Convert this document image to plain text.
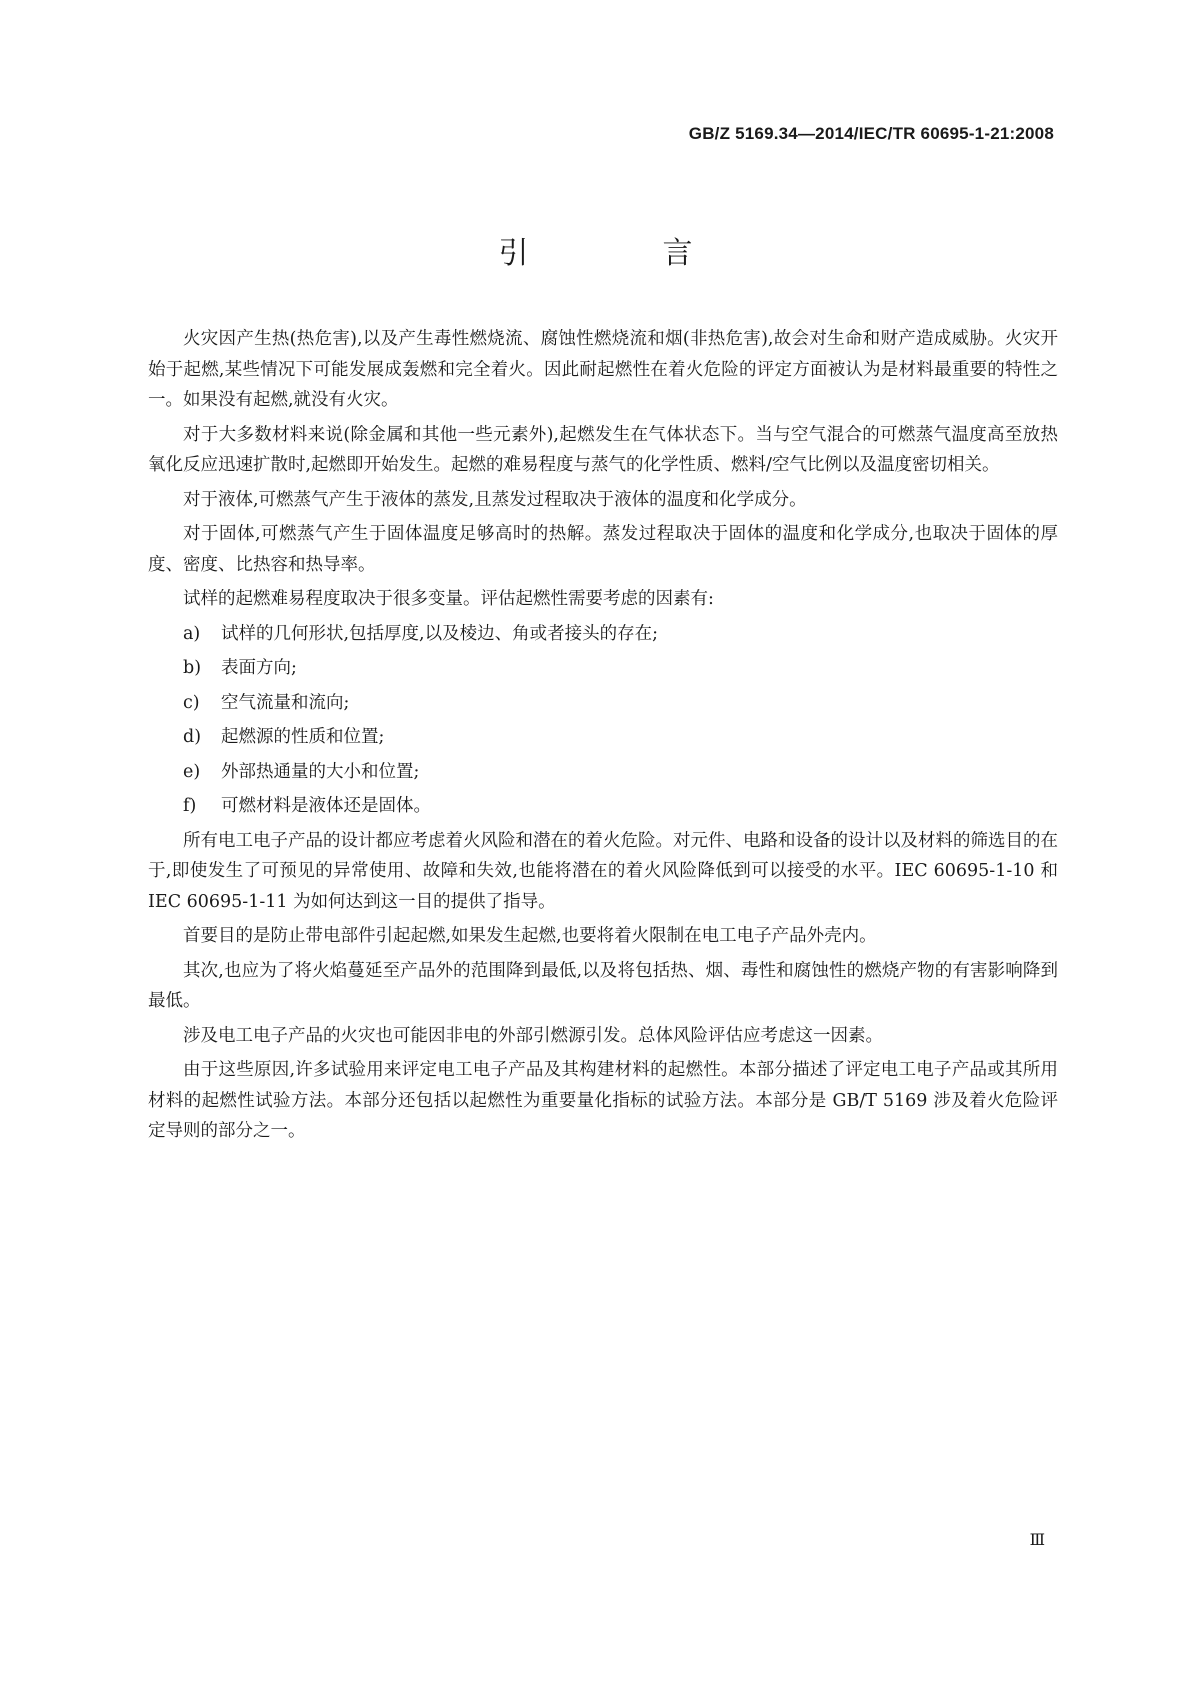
GB/Z 5169.34—2014/IEC/TR 60695-1-21:2008
引　言

火灾因产生热(热危害),以及产生毒性燃烧流、腐蚀性燃烧流和烟(非热危害),故会对生命和财产造成威胁。火灾开始于起燃,某些情况下可能发展成轰燃和完全着火。因此耐起燃性在着火危险的评定方面被认为是材料最重要的特性之一。如果没有起燃,就没有火灾。

对于大多数材料来说(除金属和其他一些元素外),起燃发生在气体状态下。当与空气混合的可燃蒸气温度高至放热氧化反应迅速扩散时,起燃即开始发生。起燃的难易程度与蒸气的化学性质、燃料/空气比例以及温度密切相关。

对于液体,可燃蒸气产生于液体的蒸发,且蒸发过程取决于液体的温度和化学成分。

对于固体,可燃蒸气产生于固体温度足够高时的热解。蒸发过程取决于固体的温度和化学成分,也取决于固体的厚度、密度、比热容和热导率。

试样的起燃难易程度取决于很多变量。评估起燃性需要考虑的因素有:

a) 试样的几何形状,包括厚度,以及棱边、角或者接头的存在;
b) 表面方向;
c) 空气流量和流向;
d) 起燃源的性质和位置;
e) 外部热通量的大小和位置;
f) 可燃材料是液体还是固体。

所有电工电子产品的设计都应考虑着火风险和潜在的着火危险。对元件、电路和设备的设计以及材料的筛选目的在于,即使发生了可预见的异常使用、故障和失效,也能将潜在的着火风险降低到可以接受的水平。IEC 60695-1-10 和 IEC 60695-1-11 为如何达到这一目的提供了指导。

首要目的是防止带电部件引起起燃,如果发生起燃,也要将着火限制在电工电子产品外壳内。

其次,也应为了将火焰蔓延至产品外的范围降到最低,以及将包括热、烟、毒性和腐蚀性的燃烧产物的有害影响降到最低。

涉及电工电子产品的火灾也可能因非电的外部引燃源引发。总体风险评估应考虑这一因素。

由于这些原因,许多试验用来评定电工电子产品及其构建材料的起燃性。本部分描述了评定电工电子产品或其所用材料的起燃性试验方法。本部分还包括以起燃性为重要量化指标的试验方法。本部分是 GB/T 5169 涉及着火危险评定导则的部分之一。

Ⅲ
